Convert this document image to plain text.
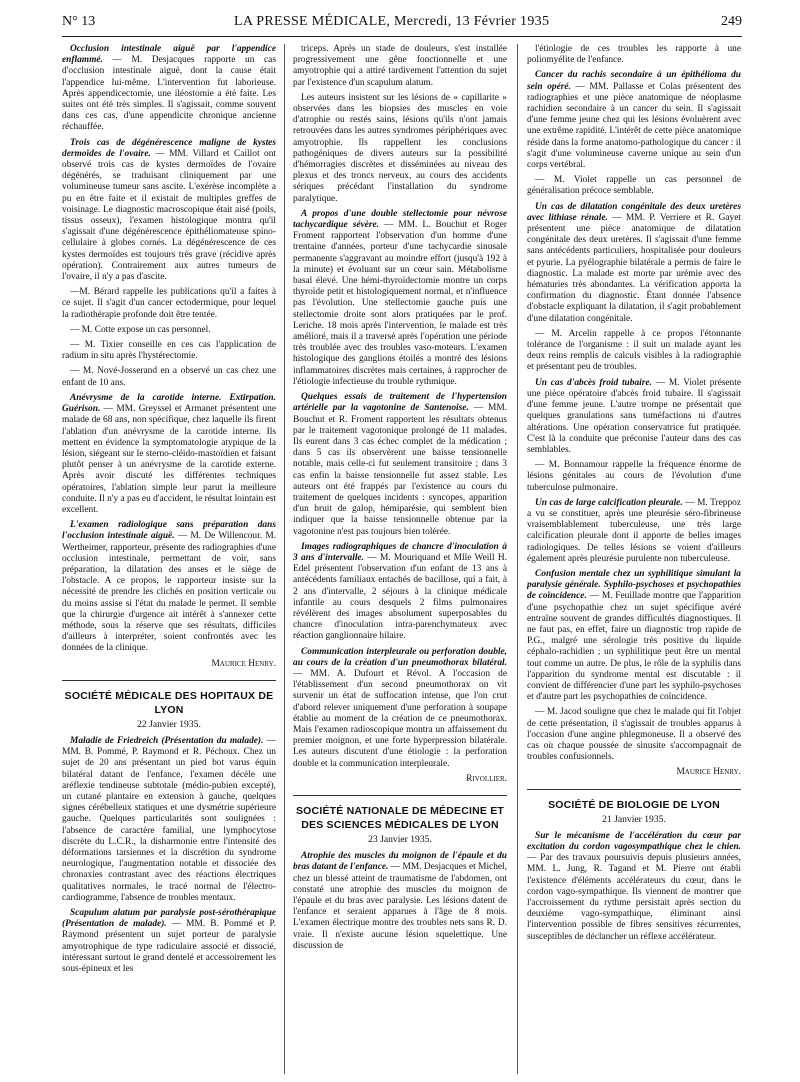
N° 13	LA PRESSE MÉDICALE, Mercredi, 13 Février 1935	249

Occlusion intestinale aiguë par l'appendice enflammé. — M. Desjacques rapporte un cas d'occlusion intestinale aiguë, dont la cause était l'appendice lui-même. L'intervention fut laborieuse. Après appendicectomie, une iléostomie a été faite. Les suites ont été très simples. Il s'agissait, comme souvent dans ces cas, d'une appendicite chronique ancienne réchauffée.

Trois cas de dégénérescence maligne de kystes dermoïdes de l'ovaire. — MM. Villard et Caillot ont observé trois cas de kystes dermoïdes de l'ovaire dégénérés, se traduisant cliniquement par une volumineuse tumeur sans ascite. L'exérèse incomplète a pu en être faite et il existait de multiples greffes de voisinage. Le diagnostic macroscopique était aisé (poils, tissus osseux), l'examen histologique montra qu'il s'agissait d'une dégénérescence épithéliomateuse spino-cellulaire à globes cornés. La dégénérescence de ces kystes dermoïdes est toujours très grave (récidive après opération). Contrairement aux autres tumeurs de l'ovaire, il n'y a pas d'ascite.

—M. Bérard rappelle les publications qu'il a faites à ce sujet. Il s'agit d'un cancer ectodermique, pour lequel la radiothérapie profonde doit être tentée.

— M. Cotte expose un cas personnel.

— M. Tixier conseille en ces cas l'application de radium in situ après l'hystérectomie.

— M. Nové-Josserand en a observé un cas chez une enfant de 10 ans.

Anévrysme de la carotide interne. Extirpation. Guérison. — MM. Greyssel et Armanet présentent une malade de 68 ans, non spécifique, chez laquelle ils firent l'ablation d'un anévrysme de la carotide interne. Ils mettent en évidence la symptomatologie atypique de la lésion, siégeant sur le sterno-cléido-mastoïdien et faisant plutôt penser à un anévrysme de la carotide externe. Après avoir discuté les différentes techniques opératoires, l'ablation simple leur parut la meilleure conduite. Il n'y a pas eu d'accident, le résultat lointain est excellent.

L'examen radiologique sans préparation dans l'occlusion intestinale aiguë. — M. De Willencour. M. Wertheimer, rapporteur, présente des radiographies d'une occlusion intestinale, permettant de voir, sans préparation, la dilatation des anses et le siège de l'obstacle. A ce propos, le rapporteur insiste sur la nécessité de prendre les clichés en position verticale ou du moins assise si l'état du malade le permet. Il semble que la chirurgie d'urgence ait intérêt à s'annexer cette méthode, sous la réserve que ses résultats, difficiles d'ailleurs à interpréter, soient confrontés avec les données de la clinique.

Maurice Henry.

SOCIÉTÉ MÉDICALE DES HOPITAUX DE LYON
22 Janvier 1935.

Maladie de Friedreich (Présentation du malade). — MM. B. Pommé, P. Raymond et R. Péchoux. Chez un sujet de 20 ans présentant un pied bot varus équin bilatéral datant de l'enfance, l'examen décèle une aréflexie tendineuse subtotale (médio-pubien excepté), un cutané plantaire en extension à gauche, quelques signes cérébelleux statiques et une dysmétrie supérieure gauche. Quelques particularités sont soulignées : l'absence de caractère familial, une lymphocytose discrète du L.C.R., la disharmonie entre l'intensité des déformations tarsiennes et la discrétion du syndrome neurologique, l'augmentation notable et dissociée des chronaxies contrastant avec des réactions électriques qualitatives normales, le tracé normal de l'électro-cardiogramme, l'absence de troubles mentaux.

Scapulum alatum par paralysie post-sérothérapique (Présentation de malade). — MM. B. Pommé et P. Raymond présentent un sujet porteur de paralysie amyotrophique de type radiculaire associé et dissocié, intéressant surtout le grand dentelé et accessoirement les sous-épineux et les

triceps. Après un stade de douleurs, s'est installée progressivement une gêne fonctionnelle et une amyotrophie qui a attiré tardivement l'attention du sujet par l'existence d'un scapulum alatum.

Les auteurs insistent sur les lésions de « capillarite » observées dans les biopsies des muscles en voie d'atrophie ou restés sains, lésions qu'ils n'ont jamais retrouvées dans les autres syndromes périphériques avec amyotrophie. Ils rappellent les conclusions pathogéniques de divers auteurs sur la possibilité d'hémorragies discrètes et disséminées au niveau des plexus et des troncs nerveux, au cours des accidents sériques précédant l'installation du syndrome paralytique.

A propos d'une double stellectomie pour névrose tachycardique sévère. — MM. L. Bouchut et Roger Froment rapportent l'observation d'un homme d'une trentaine d'années, porteur d'une tachycardie sinusale permanente s'aggravant au moindre effort (jusqu'à 192 à la minute) et évoluant sur un cœur sain. Métabolisme basal élevé. Une hémi-thyroïdectomie montre un corps thyroïde petit et histologiquement normal, et n'influence pas l'évolution. Une stellectomie gauche puis une stellectomie droite sont alors pratiquées par le prof. Leriche. 18 mois après l'intervention, le malade est très amélioré, mais il a traversé après l'opération une période très troublée avec des troubles vaso-moteurs. L'examen histologique des ganglions étoilés a montré des lésions inflammatoires discrètes mais certaines, à rapprocher de l'étiologie infectieuse du trouble rythmique.

Quelques essais de traitement de l'hypertension artérielle par la vagotonine de Santenoise. — MM. Bouchut et R. Froment rapportent les résultats obtenus par le traitement vagotonique prolongé de 11 malades. Ils eurent dans 3 cas échec complet de la médication ; dans 5 cas ils observèrent une baisse tensionnelle notable, mais celle-ci fut seulement transitoire ; dans 3 cas enfin la baisse tensionnelle fut assez stable. Les auteurs ont été frappés par l'existence au cours du traitement de quelques incidents : syncopes, apparition d'un bruit de galop, hémiparésie, qui semblent bien indiquer que la baisse tensionnelle obtenue par la vagotonine n'est pas toujours bien tolérée.

Images radiographiques de chancre d'inoculation à 3 ans d'intervalle. — M. Mouriquand et Mlle Weill H. Edel présentent l'observation d'un enfant de 13 ans à antécédents familiaux entachés de bacillose, qui a fait, à 2 ans d'intervalle, 2 séjours à la clinique médicale infantile au cours desquels 2 films pulmonaires révélèrent des images absolument superposables du chancre d'inoculation intra-parenchymateux avec réaction ganglionnaire hilaire.

Communication interpleurale ou perforation double, au cours de la création d'un pneumothorax bilatéral. — MM. A. Dufourt et Révol. A l'occasion de l'établissement d'un second pneumothorax on vit survenir un état de suffocation intense, que l'on crut d'abord relever uniquement d'une perforation à soupape établie au moment de la création de ce pneumothorax. Mais l'examen radioscopique montra un affaissement du premier moignon, et une forte hyperpression bilatérale. Les auteurs discutent d'une étiologie : la perforation double et la communication interpleurale.

Rivollier.

SOCIÉTÉ NATIONALE DE MÉDECINE ET DES SCIENCES MÉDICALES DE LYON
23 Janvier 1935.

Atrophie des muscles du moignon de l'épaule et du bras datant de l'enfance. — MM. Desjacques et Michel, chez un blessé atteint de traumatisme de l'abdomen, ont constaté une atrophie des muscles du moignon de l'épaule et du bras avec paralysie. Les lésions datent de l'enfance et seraient apparues à l'âge de 8 mois. L'examen électrique montre des troubles nets sans R. D. vraie. Il n'existe aucune lésion squelettique. Une discussion de

l'étiologie de ces troubles les rapporte à une poliomyélite de l'enfance.

Cancer du rachis secondaire à un épithélioma du sein opéré. — MM. Pallasse et Colas présentent des radiographies et une pièce anatomique de néoplasme rachidien secondaire à un cancer du sein. Il s'agissait d'une femme jeune chez qui les lésions évoluèrent avec une extrême rapidité. L'intérêt de cette pièce anatomique réside dans la forme anatomo-pathologique du cancer : il s'agit d'une volumineuse caverne unique au sein d'un corps vertébral.

— M. Violet rappelle un cas personnel de généralisation précoce semblable.

Un cas de dilatation congénitale des deux uretères avec lithiase rénale. — MM. P. Verriere et R. Gayet présentent une pièce anatomique de dilatation congénitale des deux uretères. Il s'agissait d'une femme sans antécédents particuliers, hospitalisée pour douleurs et pyurie. La pyélographie bilatérale a permis de faire le diagnostic. La malade est morte par urémie avec des hématuries très abondantes. La vérification apporta la confirmation du diagnostic. Étant donnée l'absence d'obstacle expliquant la dilatation, il s'agit probablement d'une dilatation congénitale.

— M. Arcelin rappelle à ce propos l'étonnante tolérance de l'organisme : il suit un malade ayant les deux reins remplis de calculs visibles à la radiographie et présentant peu de troubles.

Un cas d'abcès froid tubaire. — M. Violet présente une pièce opératoire d'abcès froid tubaire. Il s'agissait d'une femme jeune. L'autre trompe ne présentait que quelques granulations sans tuméfactions ni d'autres altérations. Une opération conservatrice fut pratiquée. C'est là la conduite que préconise l'auteur dans des cas semblables.

— M. Bonnamour rappelle la fréquence énorme de lésions génitales au cours de l'évolution d'une tuberculose pulmonaire.

Un cas de large calcification pleurale. — M. Treppoz a vu se constituer, après une pleurésie séro-fibrineuse vraisemblablement tuberculeuse, une très large calcification pleurale dont il apporte de belles images radiologiques. De telles lésions se voient d'ailleurs également après pleurésie purulente non tuberculeuse.

Confusion mentale chez un syphilitique simulant la paralysie générale. Syphilo-psychoses et psychopathies de coïncidence. — M. Feuillade montre que l'apparition d'une psychopathie chez un sujet spécifique avéré entraîne souvent de grandes difficultés diagnostiques. Il ne faut pas, en effet, faire un diagnostic trop rapide de P.G., malgré une sérologie très positive du liquide céphalo-rachidien ; un syphilitique peut être un mental tout comme un autre. De plus, le rôle de la syphilis dans l'apparition du syndrome mental est discutable : il convient de différencier d'une part les syphilo-psychoses et d'autre part les psychopathies de coïncidence.

— M. Jacod souligne que chez le malade qui fit l'objet de cette présentation, il s'agissait de troubles apparus à l'occasion d'une angine phlegmoneuse. Il a observé des cas où chaque poussée de sinusite s'accompagnait de troubles confusionnels.

Maurice Henry.

SOCIÉTÉ DE BIOLOGIE DE LYON
21 Janvier 1935.

Sur le mécanisme de l'accélération du cœur par excitation du cordon vagosympathique chez le chien. — Par des travaux poursuivis depuis plusieurs années, MM. L. Jung, R. Tagand et M. Pierre ont établi l'existence d'éléments accélérateurs du cœur, dans le cordon vago-sympathique. Ils viennent de montrer que l'accroissement du rythme persistait après section du deuxième vago-sympathique, éliminant ainsi l'intervention possible de fibres sensitives récurrentes, susceptibles de déclancher un réflexe accélérateur.
